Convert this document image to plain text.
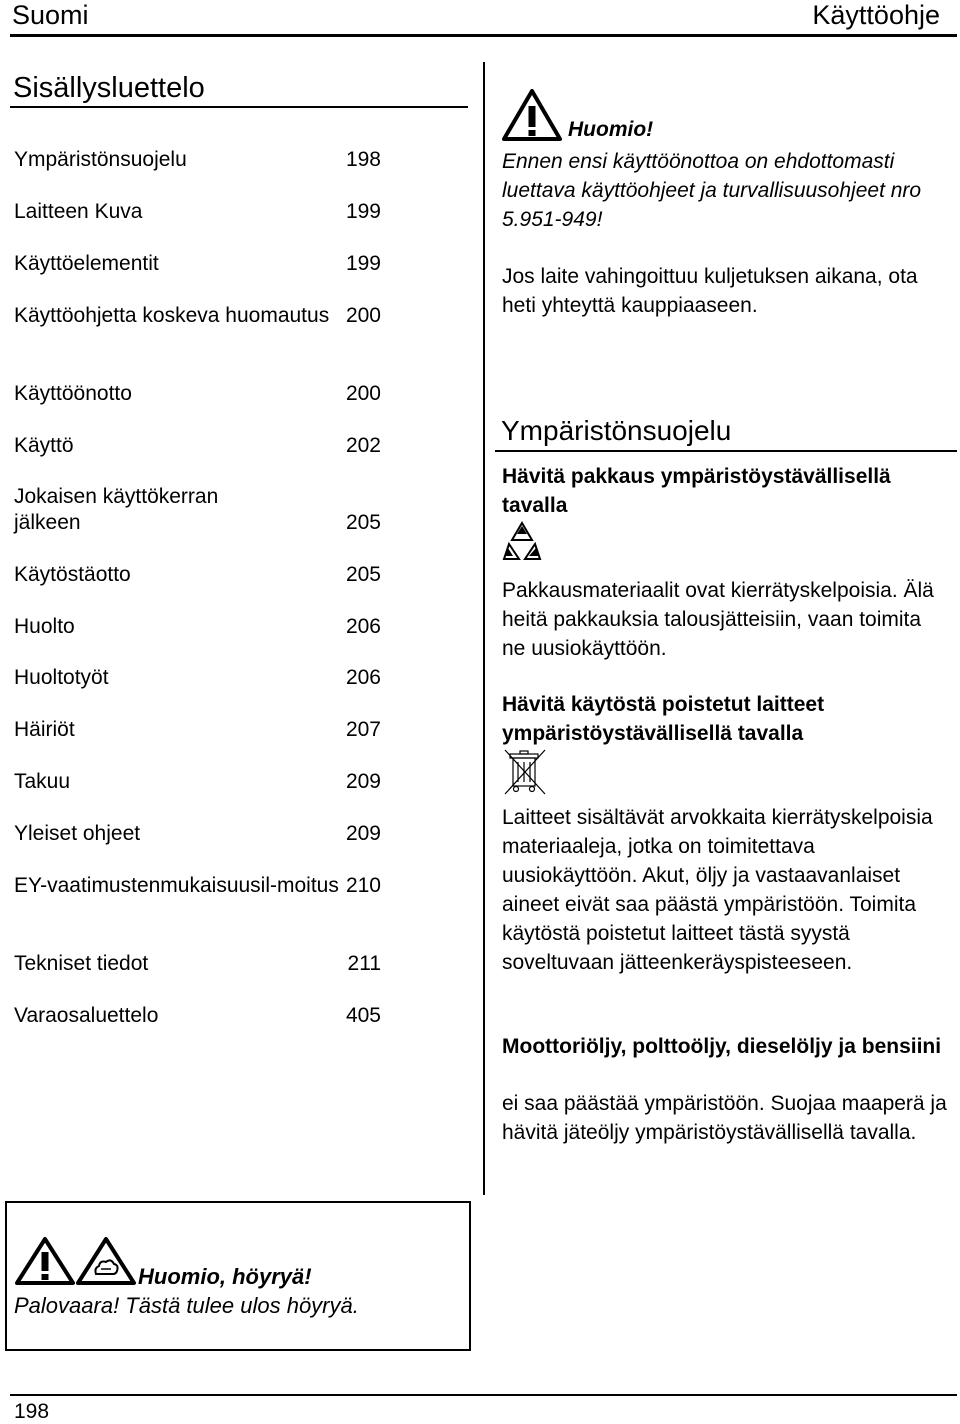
Suomi	Käyttöohje
Sisällysluettelo
Ympäristönsuojelu	198
Laitteen Kuva	199
Käyttöelementit	199
Käyttöohjetta koskeva huomautus 200
Käyttöönotto	200
Käyttö	202
Jokaisen käyttökerran jälkeen	205
Käytöstäotto	205
Huolto	206
Huoltotyöt	206
Häiriöt	207
Takuu	209
Yleiset ohjeet	209
EY-vaatimustenmukaisuusil-moitus 210
Tekniset tiedot	211
Varaosaluettelo	405
Huomio!
Ennen ensi käyttöönottoa on ehdottomasti luettava käyttöohjeet ja turvallisuusohjeet nro 5.951-949!
Jos laite vahingoittuu kuljetuksen aikana, ota heti yhteyttä kauppiaaseen.
Ympäristönsuojelu
Hävitä pakkaus ympäristöystävällisellä tavalla
Pakkausmateriaalit ovat kierrätyskelpoisia. Älä heitä pakkauksia talousjätteisiin, vaan toimita ne uusiokäyttöön.
Hävitä käytöstä poistetut laitteet ympäristöystävällisellä tavalla
Laitteet sisältävät arvokkaita kierrätyskelpoisia materiaaleja, jotka on toimitettava uusiokäyttöön. Akut, öljy ja vastaavanlaiset aineet eivät saa päästä ympäristöön. Toimita käytöstä poistetut laitteet tästä syystä soveltuvaan jätteenkeräyspisteeseen.
Moottoriöljy, polttoöljy, dieselöljy ja bensiini
ei saa päästää ympäristöön. Suojaa maaperä ja hävitä jäteöljy ympäristöystävällisellä tavalla.
Huomio, höyryä!
Palovaara! Tästä tulee ulos höyryä.
198
